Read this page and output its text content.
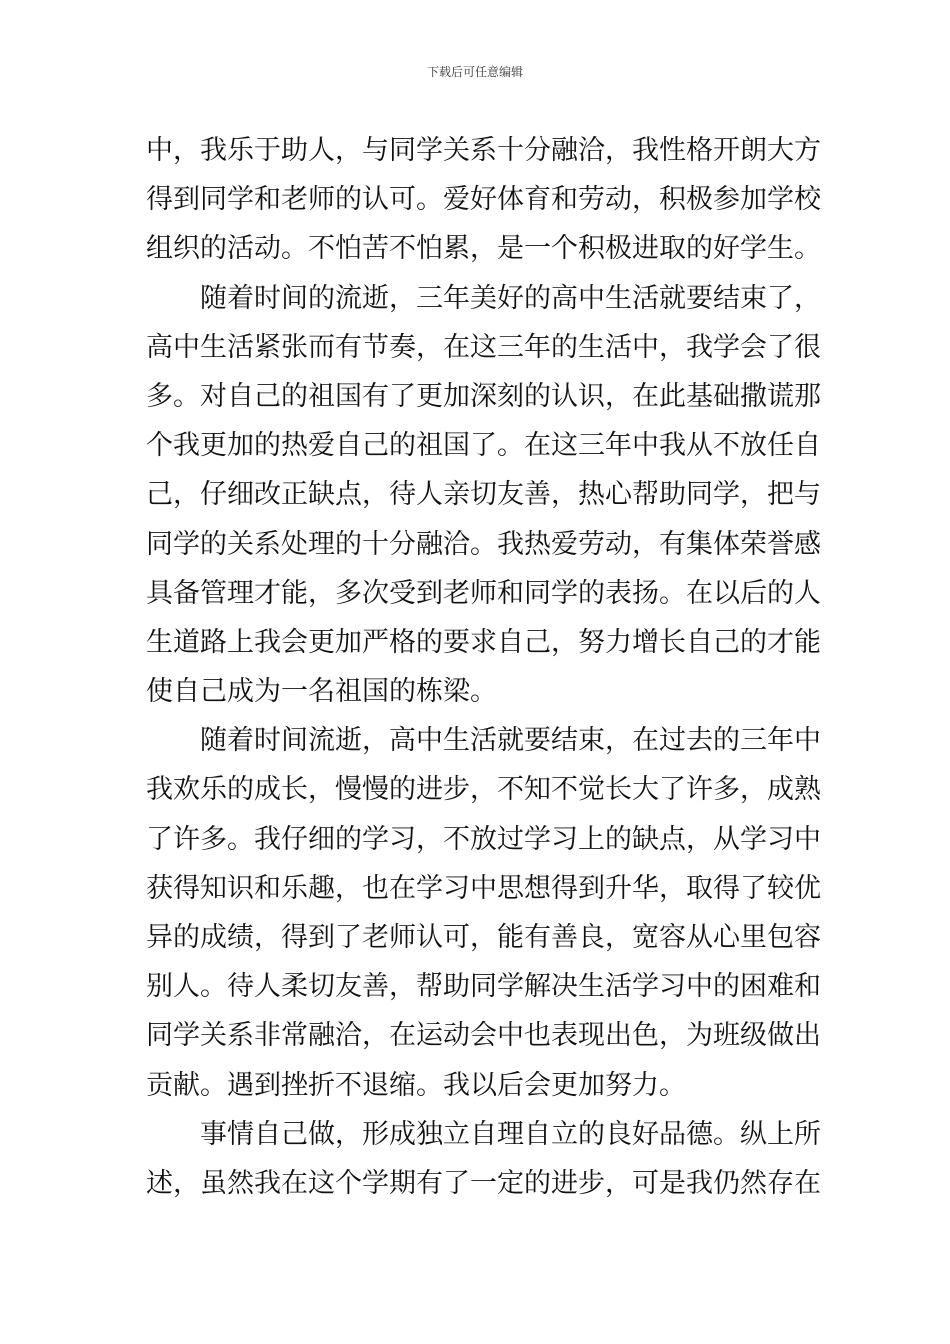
下载后可任意编辑
中，我乐于助人，与同学关系十分融洽，我性格开朗大方
得到同学和老师的认可。爱好体育和劳动，积极参加学校
组织的活动。不怕苦不怕累，是一个积极进取的好学生。
随着时间的流逝，三年美好的高中生活就要结束了，
高中生活紧张而有节奏，在这三年的生活中，我学会了很
多。对自己的祖国有了更加深刻的认识，在此基础撒谎那
个我更加的热爱自己的祖国了。在这三年中我从不放任自
己，仔细改正缺点，待人亲切友善，热心帮助同学，把与
同学的关系处理的十分融洽。我热爱劳动，有集体荣誉感
具备管理才能，多次受到老师和同学的表扬。在以后的人
生道路上我会更加严格的要求自己，努力增长自己的才能
使自己成为一名祖国的栋梁。
随着时间流逝，高中生活就要结束，在过去的三年中
我欢乐的成长，慢慢的进步，不知不觉长大了许多，成熟
了许多。我仔细的学习，不放过学习上的缺点，从学习中
获得知识和乐趣，也在学习中思想得到升华，取得了较优
异的成绩，得到了老师认可，能有善良，宽容从心里包容
别人。待人柔切友善，帮助同学解决生活学习中的困难和
同学关系非常融洽，在运动会中也表现出色，为班级做出
贡献。遇到挫折不退缩。我以后会更加努力。
事情自己做，形成独立自理自立的良好品德。纵上所
述，虽然我在这个学期有了一定的进步，可是我仍然存在
